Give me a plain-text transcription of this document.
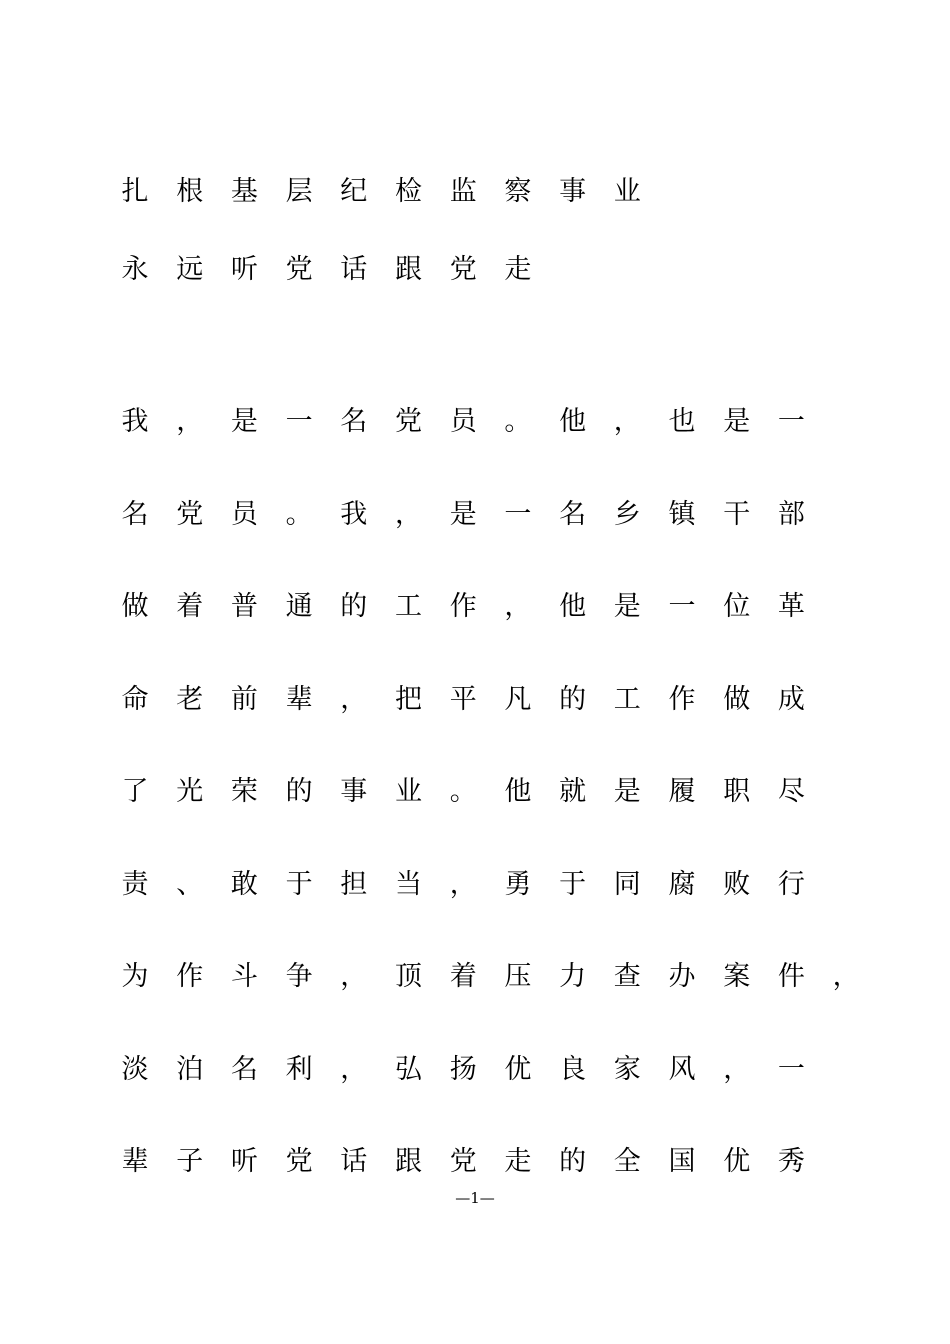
扎 根 基 层 纪 检 监 察 事 业
永 远 听 党 话 跟 党 走
我 ， 是 一 名 党 员 。 他 ， 也 是 一
名 党 员 。 我 ， 是 一 名 乡 镇 干 部
做 着 普 通 的 工 作 ， 他 是 一 位 革
命 老 前 辈 ， 把 平 凡 的 工 作 做 成
了 光 荣 的 事 业 。 他 就 是 履 职 尽
责 、 敢 于 担 当 ， 勇 于 同 腐 败 行
为 作 斗 争 ， 顶 着 压 力 查 办 案 件 ，
淡 泊 名 利 ， 弘 扬 优 良 家 风 ， 一
辈 子 听 党 话 跟 党 走 的 全 国 优 秀
—1—
